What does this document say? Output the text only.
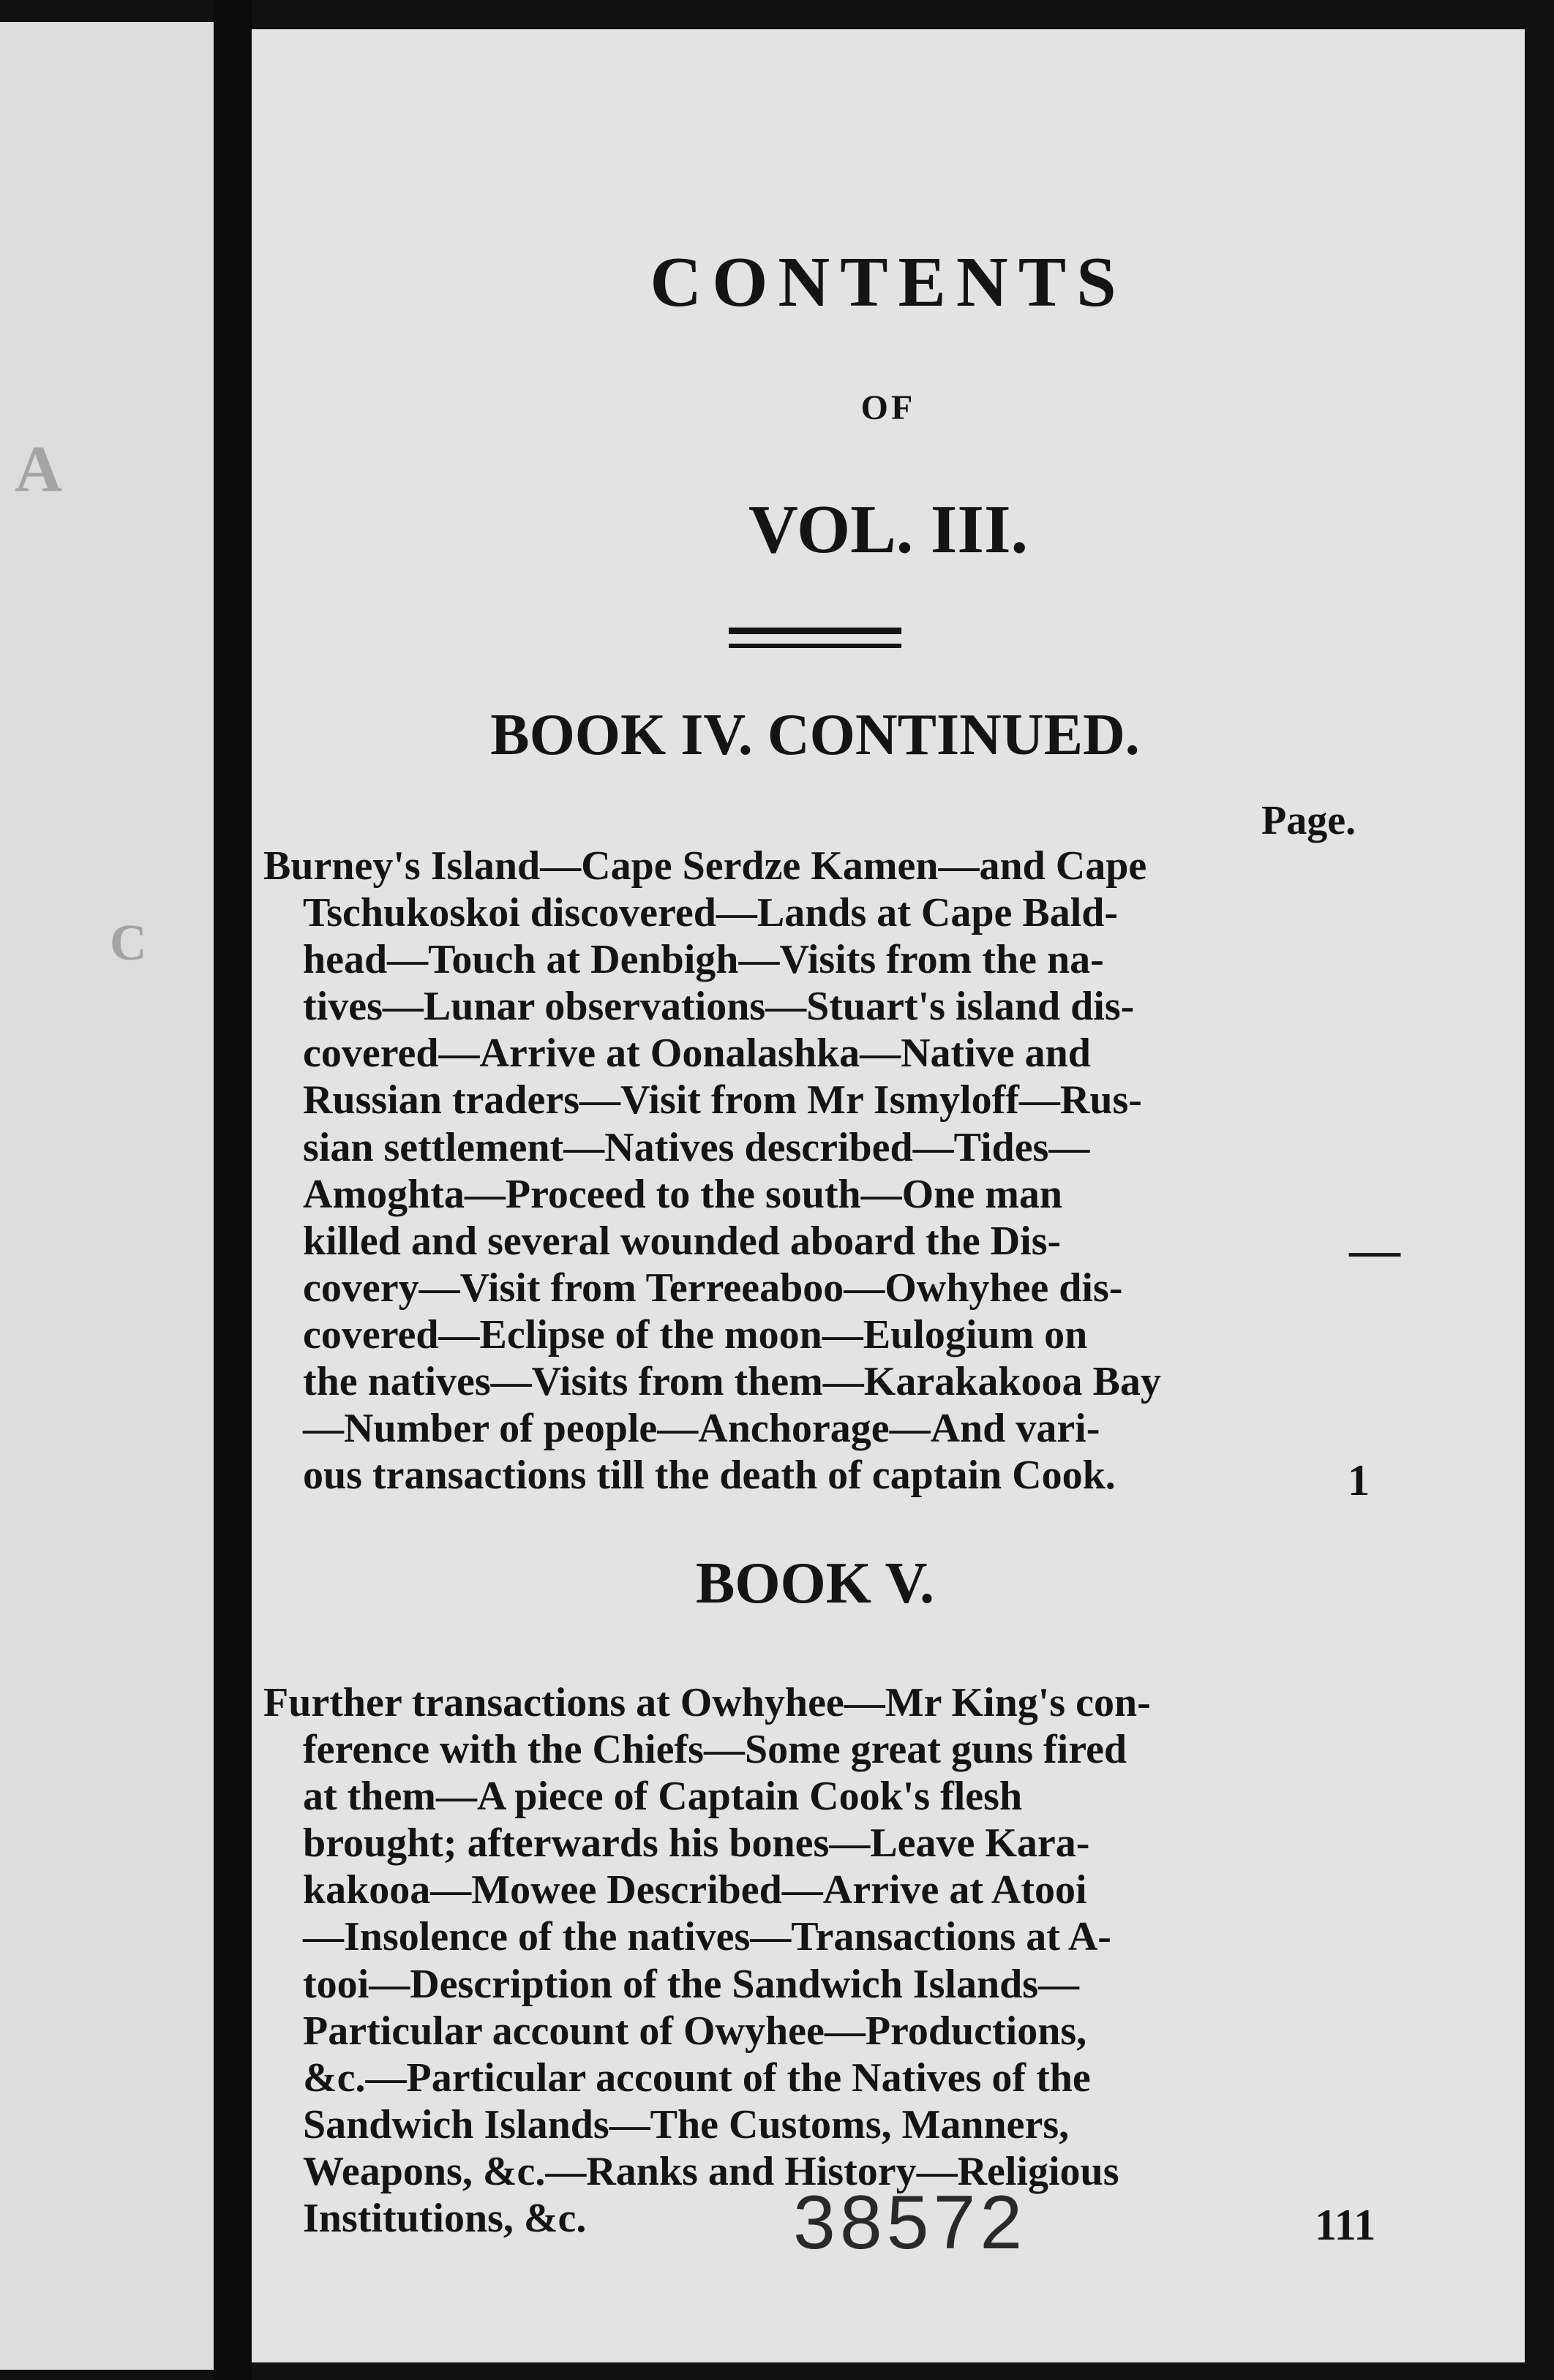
A
C
CONTENTS
OF
VOL. III.
BOOK IV. CONTINUED.
Page.
Burney's Island—Cape Serdze Kamen—and Cape
Tschukoskoi discovered—Lands at Cape Bald-
head—Touch at Denbigh—Visits from the na-
tives—Lunar observations—Stuart's island dis-
covered—Arrive at Oonalashka—Native and
Russian traders—Visit from Mr Ismyloff—Rus-
sian settlement—Natives described—Tides—
Amoghta—Proceed to the south—One man
killed and several wounded aboard the Dis-
covery—Visit from Terreeaboo—Owhyhee dis-
covered—Eclipse of the moon—Eulogium on
the natives—Visits from them—Karakakooa Bay
—Number of people—Anchorage—And vari-
ous transactions till the death of captain Cook.
—
1
BOOK V.
Further transactions at Owhyhee—Mr King's con-
ference with the Chiefs—Some great guns fired
at them—A piece of Captain Cook's flesh
brought; afterwards his bones—Leave Kara-
kakooa—Mowee Described—Arrive at Atooi
—Insolence of the natives—Transactions at A-
tooi—Description of the Sandwich Islands—
Particular account of Owyhee—Productions,
&c.—Particular account of the Natives of the
Sandwich Islands—The Customs, Manners,
Weapons, &c.—Ranks and History—Religious
Institutions, &c.	111
38572
